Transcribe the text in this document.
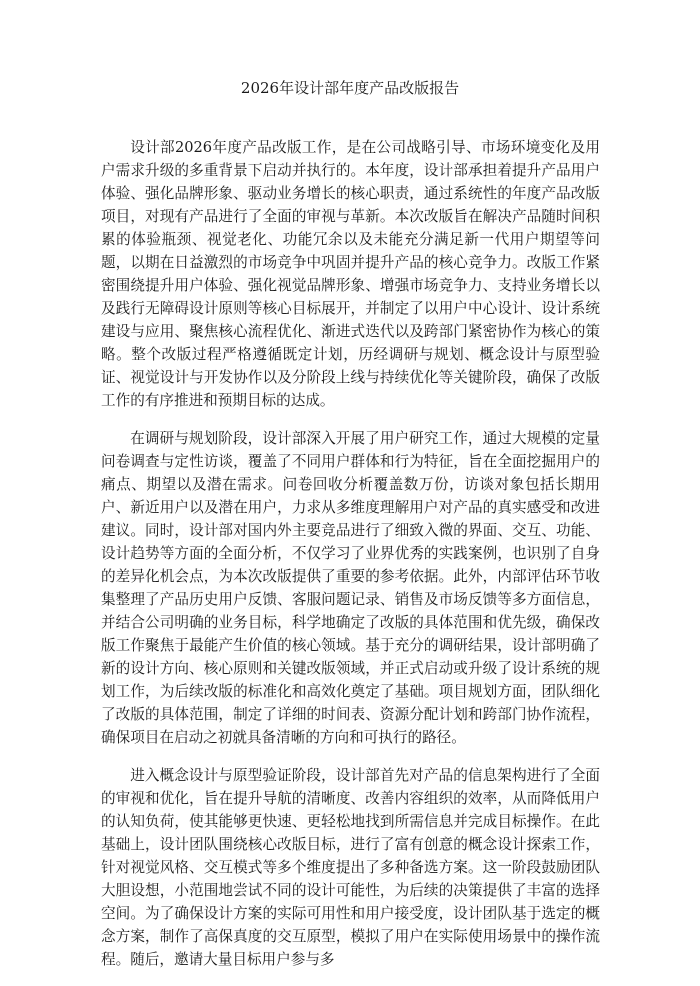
2026年设计部年度产品改版报告

设计部2026年度产品改版工作，是在公司战略引导、市场环境变化及用户需求升级的多重背景下启动并执行的。本年度，设计部承担着提升产品用户体验、强化品牌形象、驱动业务增长的核心职责，通过系统性的年度产品改版项目，对现有产品进行了全面的审视与革新。本次改版旨在解决产品随时间积累的体验瓶颈、视觉老化、功能冗余以及未能充分满足新一代用户期望等问题，以期在日益激烈的市场竞争中巩固并提升产品的核心竞争力。改版工作紧密围绕提升用户体验、强化视觉品牌形象、增强市场竞争力、支持业务增长以及践行无障碍设计原则等核心目标展开，并制定了以用户中心设计、设计系统建设与应用、聚焦核心流程优化、渐进式迭代以及跨部门紧密协作为核心的策略。整个改版过程严格遵循既定计划，历经调研与规划、概念设计与原型验证、视觉设计与开发协作以及分阶段上线与持续优化等关键阶段，确保了改版工作的有序推进和预期目标的达成。

在调研与规划阶段，设计部深入开展了用户研究工作，通过大规模的定量问卷调查与定性访谈，覆盖了不同用户群体和行为特征，旨在全面挖掘用户的痛点、期望以及潜在需求。问卷回收分析覆盖数万份，访谈对象包括长期用户、新近用户以及潜在用户，力求从多维度理解用户对产品的真实感受和改进建议。同时，设计部对国内外主要竞品进行了细致入微的界面、交互、功能、设计趋势等方面的全面分析，不仅学习了业界优秀的实践案例，也识别了自身的差异化机会点，为本次改版提供了重要的参考依据。此外，内部评估环节收集整理了产品历史用户反馈、客服问题记录、销售及市场反馈等多方面信息，并结合公司明确的业务目标，科学地确定了改版的具体范围和优先级，确保改版工作聚焦于最能产生价值的核心领域。基于充分的调研结果，设计部明确了新的设计方向、核心原则和关键改版领域，并正式启动或升级了设计系统的规划工作，为后续改版的标准化和高效化奠定了基础。项目规划方面，团队细化了改版的具体范围，制定了详细的时间表、资源分配计划和跨部门协作流程，确保项目在启动之初就具备清晰的方向和可执行的路径。

进入概念设计与原型验证阶段，设计部首先对产品的信息架构进行了全面的审视和优化，旨在提升导航的清晰度、改善内容组织的效率，从而降低用户的认知负荷，使其能够更快速、更轻松地找到所需信息并完成目标操作。在此基础上，设计团队围绕核心改版目标，进行了富有创意的概念设计探索工作，针对视觉风格、交互模式等多个维度提出了多种备选方案。这一阶段鼓励团队大胆设想，小范围地尝试不同的设计可能性，为后续的决策提供了丰富的选择空间。为了确保设计方案的实际可用性和用户接受度，设计团队基于选定的概念方案，制作了高保真度的交互原型，模拟了用户在实际使用场景中的操作流程。随后，邀请大量目标用户参与多
